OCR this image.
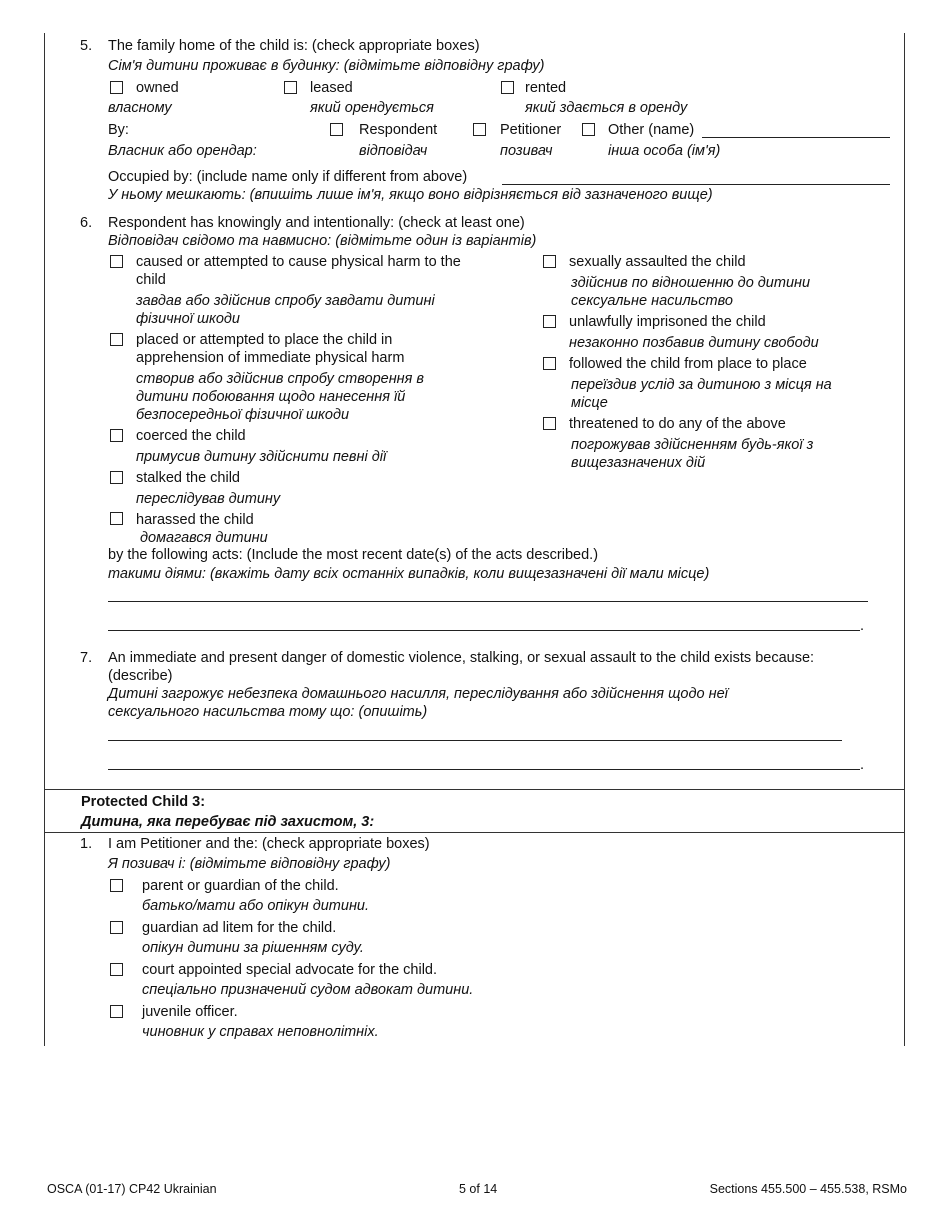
5. The family home of the child is: (check appropriate boxes)
Сім'я дитини проживає в будинку: (відмітьте відповідну графу)
owned
власному
leased
який орендується
rented
який здається в оренду
By:
Власник або орендар:
Respondent
відповідач
Petitioner
позивач
Other (name)
інша особа (ім'я)
Occupied by: (include name only if different from above)
У ньому мешкають: (впишіть лише ім'я, якщо воно відрізняється від зазначеного вище)
6. Respondent has knowingly and intentionally: (check at least one)
Відповідач свідомо та навмисно: (відмітьте один із варіантів)
caused or attempted to cause physical harm to the
child
завдав або здійснив спробу завдати дитині
фізичної шкоди
placed or attempted to place the child in
apprehension of immediate physical harm
створив або здійснив спробу створення в
дитини побоювання щодо нанесення їй
безпосередньої фізичної шкоди
coerced the child
примусив дитину здійснити певні дії
stalked the child
переслідував дитину
harassed the child
домагався дитини
sexually assaulted the child
здійснив по відношенню до дитини
сексуальне насильство
unlawfully imprisoned the child
незаконно позбавив дитину свободи
followed the child from place to place
переїздив услід за дитиною з місця на
місце
threatened to do any of the above
погрожував здійсненням будь-якої з
вищезазначених дій
by the following acts: (Include the most recent date(s) of the acts described.)
такими діями: (вкажіть дату всіх останніх випадків, коли вищезазначені дії мали місце)
.
7. An immediate and present danger of domestic violence, stalking, or sexual assault to the child exists because:
(describe)
Дитині загрожує небезпека домашнього насилля, переслідування або здійснення щодо неї
сексуального насильства тому що: (опишіть)
.
Protected Child 3:
Дитина, яка перебуває під захистом, 3:
1. I am Petitioner and the: (check appropriate boxes)
Я позивач і: (відмітьте відповідну графу)
parent or guardian of the child.
батько/мати або опікун дитини.
guardian ad litem for the child.
опікун дитини за рішенням суду.
court appointed special advocate for the child.
спеціально призначений судом адвокат дитини.
juvenile officer.
чиновник у справах неповнолітніх.
OSCA (01-17) CP42 Ukrainian	5 of 14	Sections 455.500 – 455.538, RSMo
